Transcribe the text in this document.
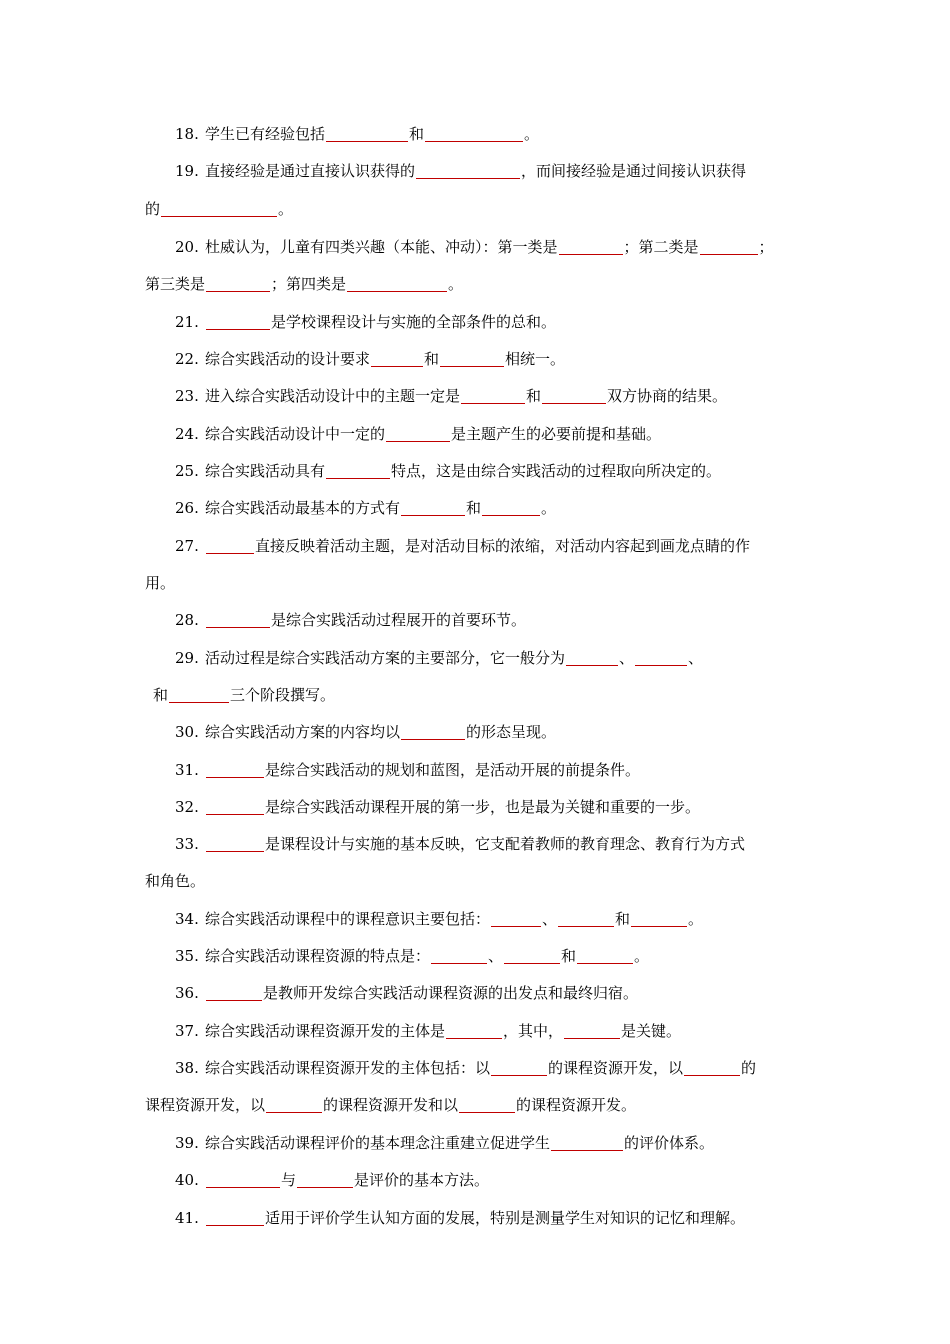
18. 学生已有经验包括	和	。
19. 直接经验是通过直接认识获得的	，而间接经验是通过间接认识获得
的	。
20. 杜威认为，儿童有四类兴趣（本能、冲动）：第一类是	；第二类是	；
第三类是	；第四类是	。
21.	是学校课程设计与实施的全部条件的总和。
22. 综合实践活动的设计要求	和	相统一。
23. 进入综合实践活动设计中的主题一定是	和	双方协商的结果。
24. 综合实践活动设计中一定的	是主题产生的必要前提和基础。
25. 综合实践活动具有	特点，这是由综合实践活动的过程取向所决定的。
26. 综合实践活动最基本的方式有	和	。
27.	直接反映着活动主题，是对活动目标的浓缩，对活动内容起到画龙点睛的作
用。
28.	是综合实践活动过程展开的首要环节。
29. 活动过程是综合实践活动方案的主要部分，它一般分为	、	、
和	三个阶段撰写。
30. 综合实践活动方案的内容均以	的形态呈现。
31.	是综合实践活动的规划和蓝图，是活动开展的前提条件。
32.	是综合实践活动课程开展的第一步，也是最为关键和重要的一步。
33.	是课程设计与实施的基本反映，它支配着教师的教育理念、教育行为方式
和角色。
34. 综合实践活动课程中的课程意识主要包括：	、	和	。
35. 综合实践活动课程资源的特点是：	、	和	。
36.	是教师开发综合实践活动课程资源的出发点和最终归宿。
37. 综合实践活动课程资源开发的主体是	，其中，	是关键。
38. 综合实践活动课程资源开发的主体包括：以	的课程资源开发，以	的
课程资源开发，以	的课程资源开发和以	的课程资源开发。
39. 综合实践活动课程评价的基本理念注重建立促进学生	的评价体系。
40.	与	是评价的基本方法。
41.	适用于评价学生认知方面的发展，特别是测量学生对知识的记忆和理解。
